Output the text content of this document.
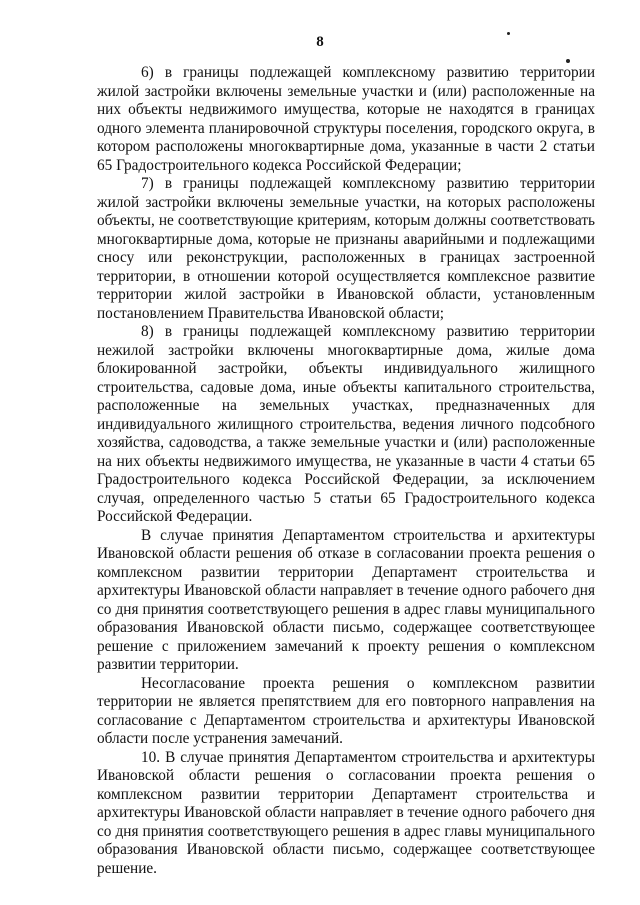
8

6) в границы подлежащей комплексному развитию территории жилой застройки включены земельные участки и (или) расположенные на них объекты недвижимого имущества, которые не находятся в границах одного элемента планировочной структуры поселения, городского округа, в котором расположены многоквартирные дома, указанные в части 2 статьи 65 Градостроительного кодекса Российской Федерации;

7) в границы подлежащей комплексному развитию территории жилой застройки включены земельные участки, на которых расположены объекты, не соответствующие критериям, которым должны соответствовать многоквартирные дома, которые не признаны аварийными и подлежащими сносу или реконструкции, расположенных в границах застроенной территории, в отношении которой осуществляется комплексное развитие территории жилой застройки в Ивановской области, установленным постановлением Правительства Ивановской области;

8) в границы подлежащей комплексному развитию территории нежилой застройки включены многоквартирные дома, жилые дома блокированной застройки, объекты индивидуального жилищного строительства, садовые дома, иные объекты капитального строительства, расположенные на земельных участках, предназначенных для индивидуального жилищного строительства, ведения личного подсобного хозяйства, садоводства, а также земельные участки и (или) расположенные на них объекты недвижимого имущества, не указанные в части 4 статьи 65 Градостроительного кодекса Российской Федерации, за исключением случая, определенного частью 5 статьи 65 Градостроительного кодекса Российской Федерации.

В случае принятия Департаментом строительства и архитектуры Ивановской области решения об отказе в согласовании проекта решения о комплексном развитии территории Департамент строительства и архитектуры Ивановской области направляет в течение одного рабочего дня со дня принятия соответствующего решения в адрес главы муниципального образования Ивановской области письмо, содержащее соответствующее решение с приложением замечаний к проекту решения о комплексном развитии территории.

Несогласование проекта решения о комплексном развитии территории не является препятствием для его повторного направления на согласование с Департаментом строительства и архитектуры Ивановской области после устранения замечаний.

10. В случае принятия Департаментом строительства и архитектуры Ивановской области решения о согласовании проекта решения о комплексном развитии территории Департамент строительства и архитектуры Ивановской области направляет в течение одного рабочего дня со дня принятия соответствующего решения в адрес главы муниципального образования Ивановской области письмо, содержащее соответствующее решение.
